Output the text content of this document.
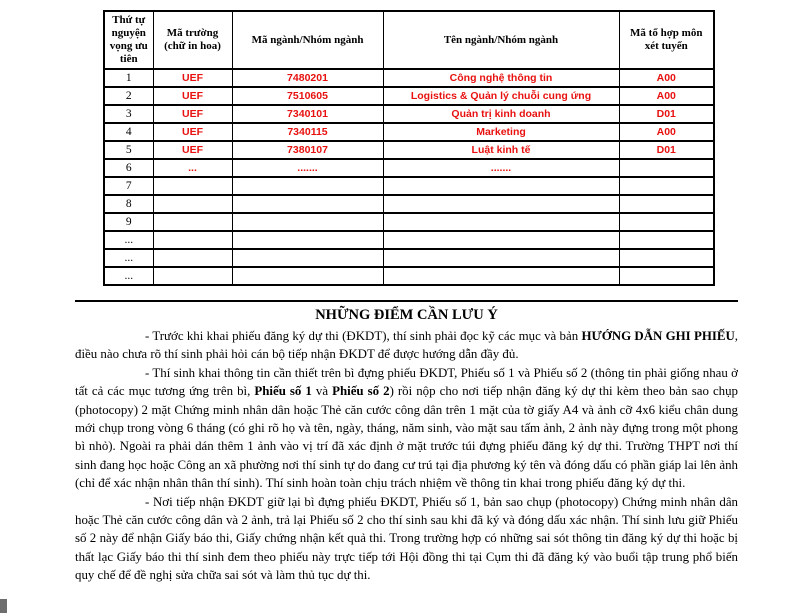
Thứ tự nguyện vọng ưu tiên	Mã trường (chữ in hoa)	Mã ngành/Nhóm ngành	Tên ngành/Nhóm ngành	Mã tổ hợp môn xét tuyển
1	UEF	7480201	Công nghệ thông tin	A00
2	UEF	7510605	Logistics & Quản lý chuỗi cung ứng	A00
3	UEF	7340101	Quản trị kinh doanh	D01
4	UEF	7340115	Marketing	A00
5	UEF	7380107	Luật kinh tế	D01
6	...	.......	.......	
7				
8				
9				
...				
...				
...				
NHỮNG ĐIỂM CẦN LƯU Ý

- Trước khi khai phiếu đăng ký dự thi (ĐKDT), thí sinh phải đọc kỹ các mục và bản HƯỚNG DẪN GHI PHIẾU, điều nào chưa rõ thí sinh phải hỏi cán bộ tiếp nhận ĐKDT để được hướng dẫn đầy đủ.

- Thí sinh khai thông tin cần thiết trên bì đựng phiếu ĐKDT, Phiếu số 1 và Phiếu số 2 (thông tin phải giống nhau ở tất cả các mục tương ứng trên bì, Phiếu số 1 và Phiếu số 2) rồi nộp cho nơi tiếp nhận đăng ký dự thi kèm theo bản sao chụp (photocopy) 2 mặt Chứng minh nhân dân hoặc Thẻ căn cước công dân trên 1 mặt của tờ giấy A4 và ảnh cỡ 4x6 kiểu chân dung mới chụp trong vòng 6 tháng (có ghi rõ họ và tên, ngày, tháng, năm sinh, vào mặt sau tấm ảnh, 2 ảnh này đựng trong một phong bì nhỏ). Ngoài ra phải dán thêm 1 ảnh vào vị trí đã xác định ở mặt trước túi đựng phiếu đăng ký dự thi. Trường THPT nơi thí sinh đang học hoặc Công an xã phường nơi thí sinh tự do đang cư trú tại địa phương ký tên và đóng dấu có phần giáp lai lên ảnh (chỉ để xác nhận nhân thân thí sinh). Thí sinh hoàn toàn chịu trách nhiệm về thông tin khai trong phiếu đăng ký dự thi.

- Nơi tiếp nhận ĐKDT giữ lại bì đựng phiếu ĐKDT, Phiếu số 1, bản sao chụp (photocopy) Chứng minh nhân dân hoặc Thẻ căn cước công dân và 2 ảnh, trả lại Phiếu số 2 cho thí sinh sau khi đã ký và đóng dấu xác nhận. Thí sinh lưu giữ Phiếu số 2 này để nhận Giấy báo thi, Giấy chứng nhận kết quả thi. Trong trường hợp có những sai sót thông tin đăng ký dự thi hoặc bị thất lạc Giấy báo thi thí sinh đem theo phiếu này trực tiếp tới Hội đồng thi tại Cụm thi đã đăng ký vào buổi tập trung phổ biến quy chế để đề nghị sửa chữa sai sót và làm thủ tục dự thi.
